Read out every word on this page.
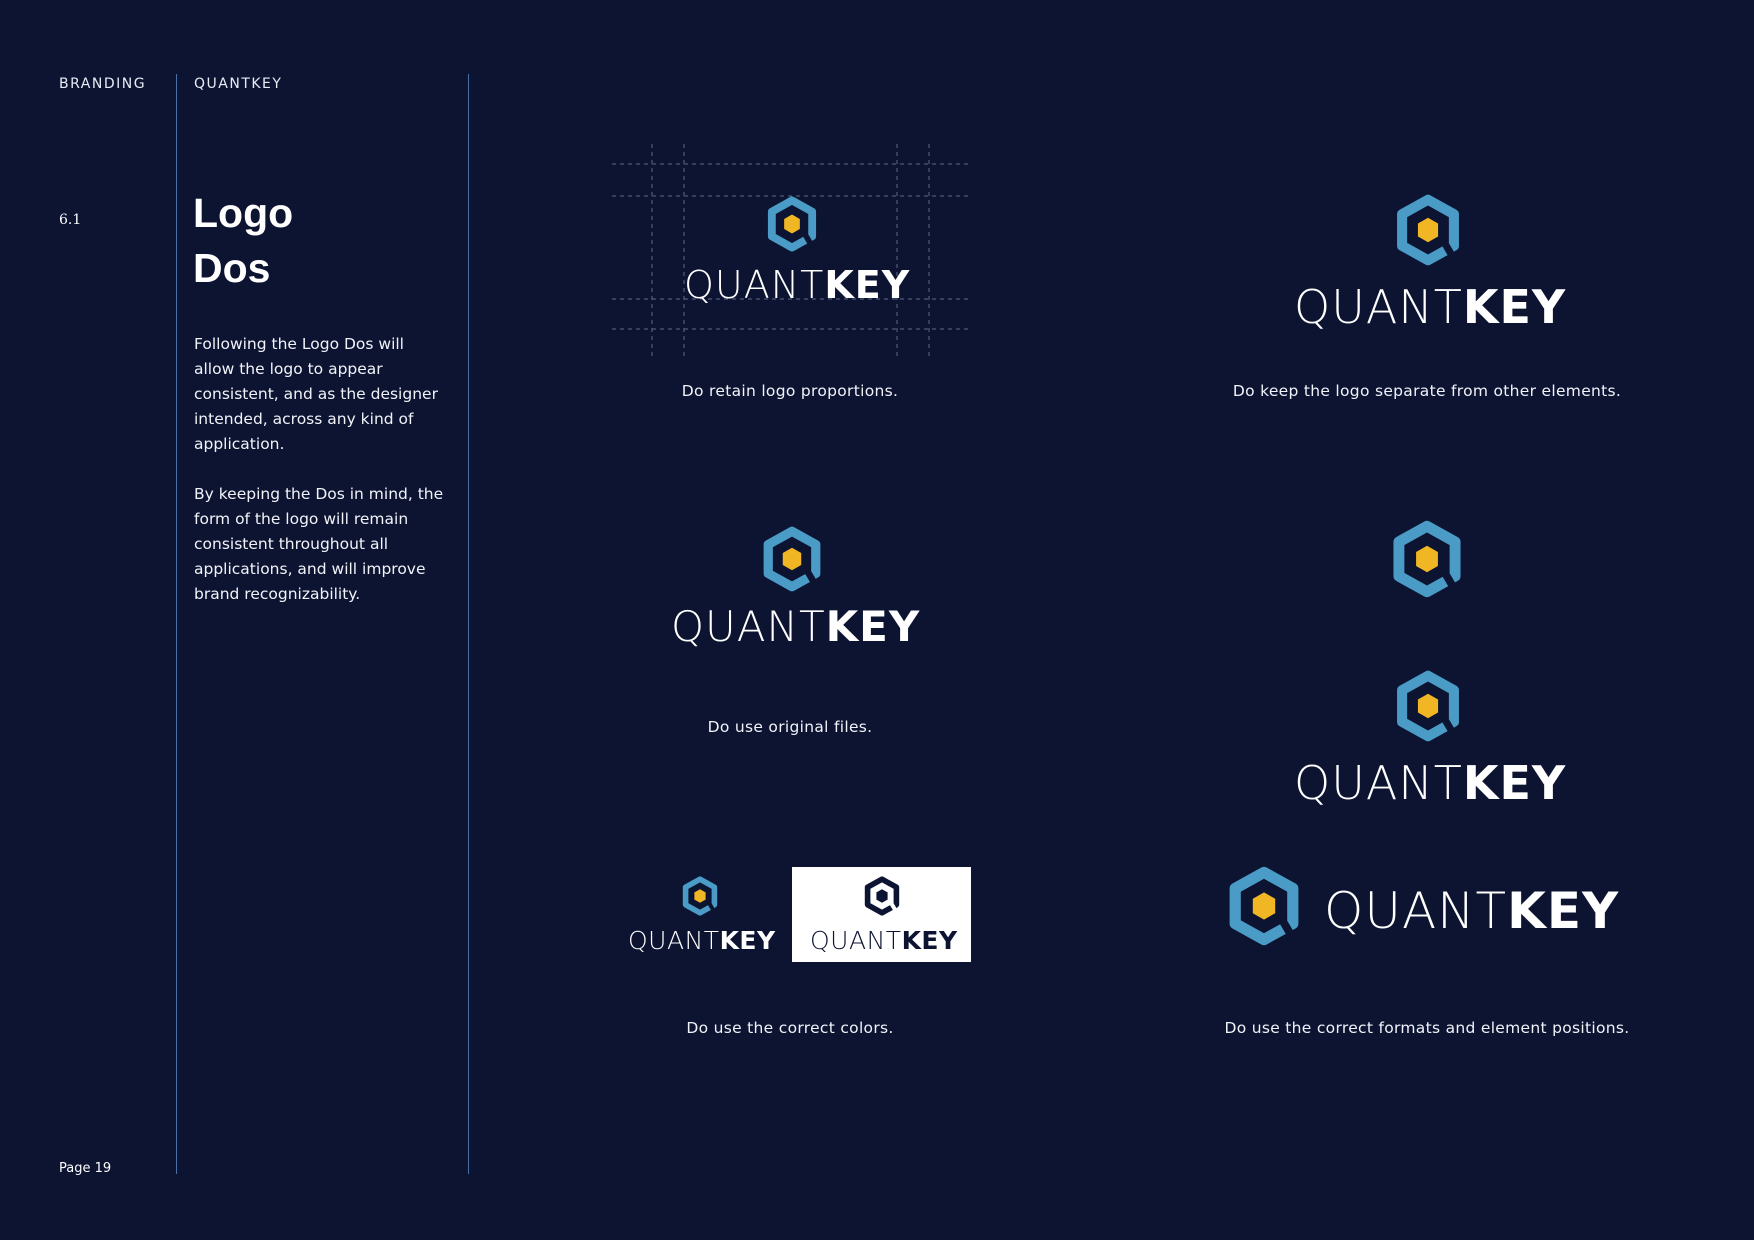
BRANDING	QUANTKEY
6.1	Logo
Dos
Following the Logo Dos will allow the logo to appear consistent, and as the designer intended, across any kind of application.
By keeping the Dos in mind, the form of the logo will remain consistent throughout all applications, and will improve brand recognizability.
Page 19
QUANTKEY
Do retain logo proportions.
QUANTKEY
Do keep the logo separate from other elements.
QUANTKEY
Do use original files.
QUANTKEY
QUANTKEY
Do use the correct formats and element positions.
QUANTKEY QUANTKEY
Do use the correct colors.
